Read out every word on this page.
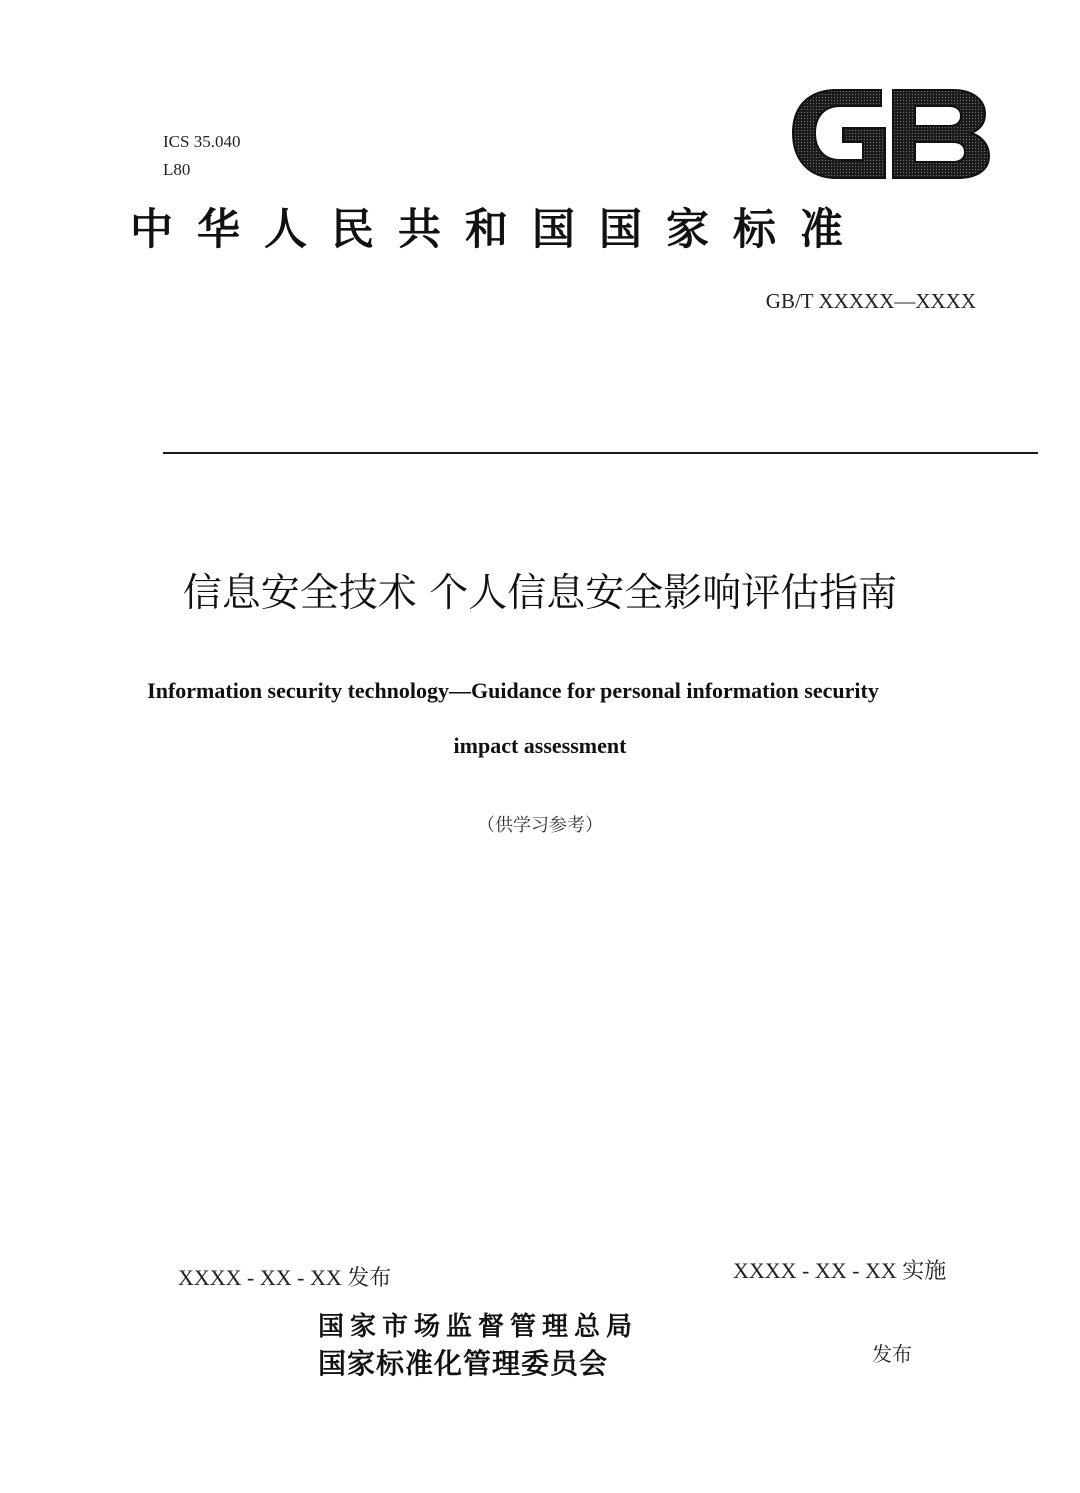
ICS 35.040
L80
中华人民共和国国家标准
GB/T XXXXX—XXXX
信息安全技术 个人信息安全影响评估指南
Information security technology—Guidance for personal information security
impact assessment
（供学习参考）
XXXX - XX - XX 发布	XXXX - XX - XX 实施
国家市场监督管理总局
国家标准化管理委员会	发布
